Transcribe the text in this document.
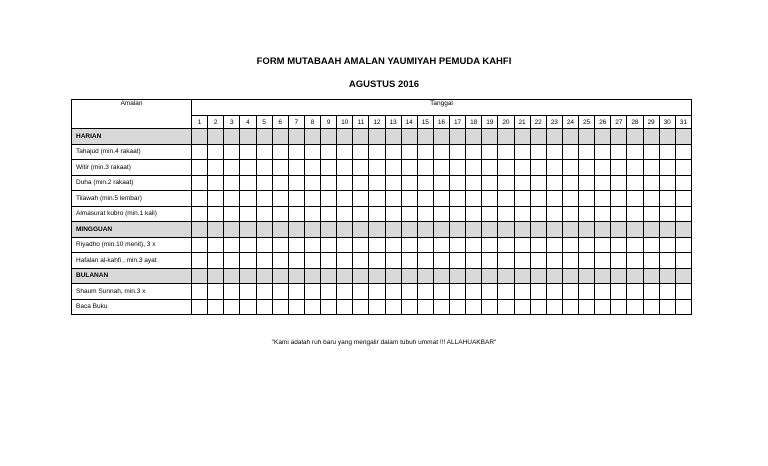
FORM MUTABAAH AMALAN YAUMIYAH PEMUDA KAHFI
AGUSTUS 2016
Amalan	Tanggal																														
	1	2	3	4	5	6	7	8	9	10	11	12	13	14	15	16	17	18	19	20	21	22	23	24	25	26	27	28	29	30	31
HARIAN																															
Tahajud (min.4 rakaat)																															
Witir (min.3 rakaat)																															
Duha (min.2 rakaat)																															
Tilawah (min.5 lembar)																															
Almasurat kubro (min.1 kali)																															
MINGGUAN																															
Riyadho (min.10 menit), 3 x																															
Hafalan al-kahfi , min.3 ayat																															
BULANAN																															
Shaum Sunnah, min.3 x																															
Baca Buku																															
"Kami adalah ruh baru yang mengalir dalam tubuh ummat !!! ALLAHUAKBAR"
